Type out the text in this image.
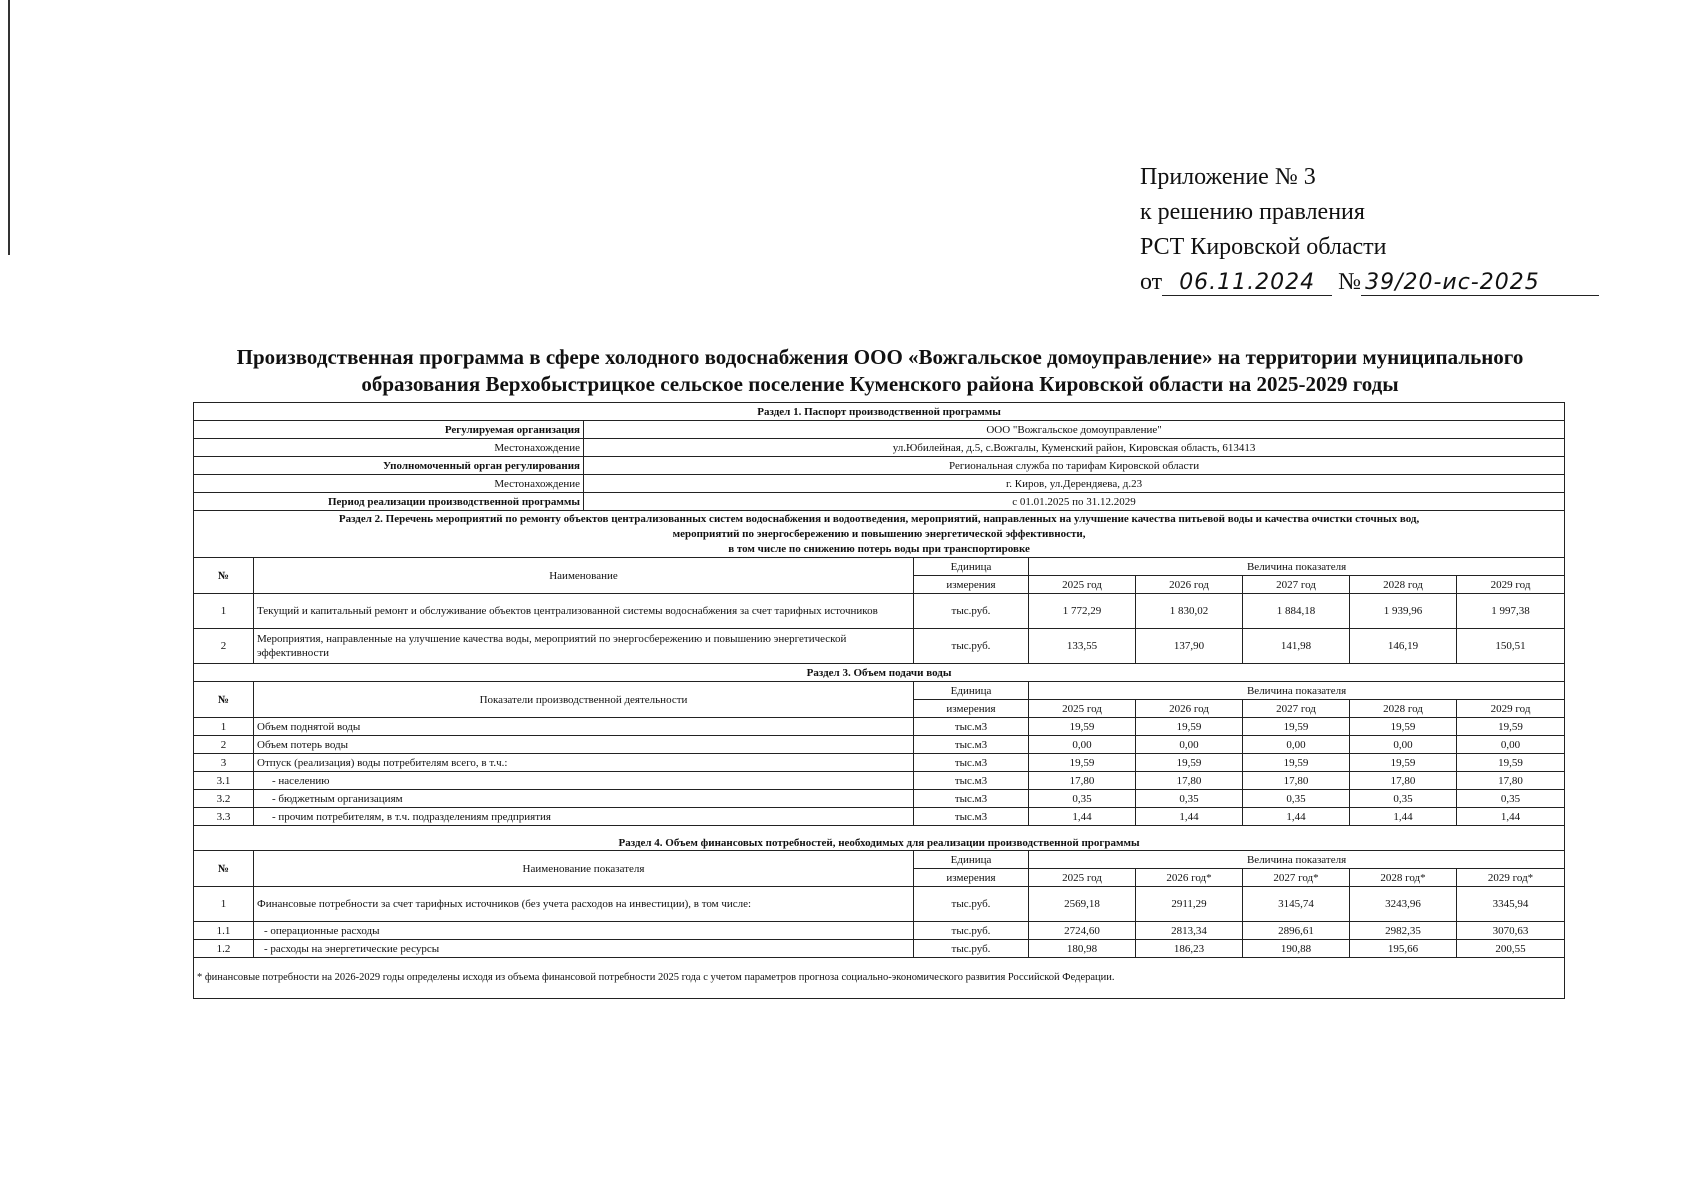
Приложение № 3
к решению правления
РСТ Кировской области
от 06.11.2024 № 39/20-ис-2025
Производственная программа в сфере холодного водоснабжения ООО «Вожгальское домоуправление» на территории муниципального
образования Верхобыстрицкое сельское поселение Куменского района Кировской области на 2025-2029 годы
Раздел 1. Паспорт производственной программы								
Регулируемая организация		ООО "Вожгальское домоуправление"						
Местонахождение		ул.Юбилейная, д.5, с.Вожгалы, Куменский район, Кировская область, 613413						
Уполномоченный орган регулирования		Региональная служба по тарифам Кировской области						
Местонахождение		г. Киров, ул.Дерендяева, д.23						
Период реализации производственной программы		с 01.01.2025 по 31.12.2029						

Раздел 2. Перечень мероприятий по ремонту объектов централизованных систем водоснабжения и водоотведения, мероприятий, направленных на улучшение качества питьевой воды и качества очистки сточных вод,
мероприятий по энергосбережению и повышению энергетической эффективности,
в том числе по снижению потерь воды при транспортировке								

№	Наименование		Единица	Величина показателя				
			измерения	2025 год	2026 год	2027 год	2028 год	2029 год
1	Текущий и капитальный ремонт и обслуживание объектов централизованной системы водоснабжения за счет тарифных источников		тыс.руб.	1 772,29	1 830,02	1 884,18	1 939,96	1 997,38
2	Мероприятия, направленные на улучшение качества воды, мероприятий по энергосбережению и повышению энергетической эффективности		тыс.руб.	133,55	137,90	141,98	146,19	150,51
Раздел 3. Объем подачи воды								
№	Показатели производственной деятельности		Единица	Величина показателя				
			измерения	2025 год	2026 год	2027 год	2028 год	2029 год
1	Объем поднятой воды		тыс.м3	19,59	19,59	19,59	19,59	19,59
2	Объем потерь воды		тыс.м3	0,00	0,00	0,00	0,00	0,00
3	Отпуск (реализация) воды потребителям всего, в т.ч.:		тыс.м3	19,59	19,59	19,59	19,59	19,59
3.1	- населению		тыс.м3	17,80	17,80	17,80	17,80	17,80
3.2	- бюджетным организациям		тыс.м3	0,35	0,35	0,35	0,35	0,35
3.3	- прочим потребителям, в т.ч. подразделениям предприятия		тыс.м3	1,44	1,44	1,44	1,44	1,44
Раздел 4. Объем финансовых потребностей, необходимых для реализации производственной программы								
№	Наименование показателя		Единица	Величина показателя				
			измерения	2025 год	2026 год*	2027 год*	2028 год*	2029 год*
1	Финансовые потребности за счет тарифных источников (без учета расходов на инвестиции), в том числе:		тыс.руб.	2569,18	2911,29	3145,74	3243,96	3345,94
1.1	- операционные расходы		тыс.руб.	2724,60	2813,34	2896,61	2982,35	3070,63
1.2	- расходы на энергетические ресурсы		тыс.руб.	180,98	186,23	190,88	195,66	200,55
* финансовые потребности на 2026-2029 годы определены исходя из объема финансовой потребности 2025 года с учетом параметров прогноза социально-экономического развития Российской Федерации.								
